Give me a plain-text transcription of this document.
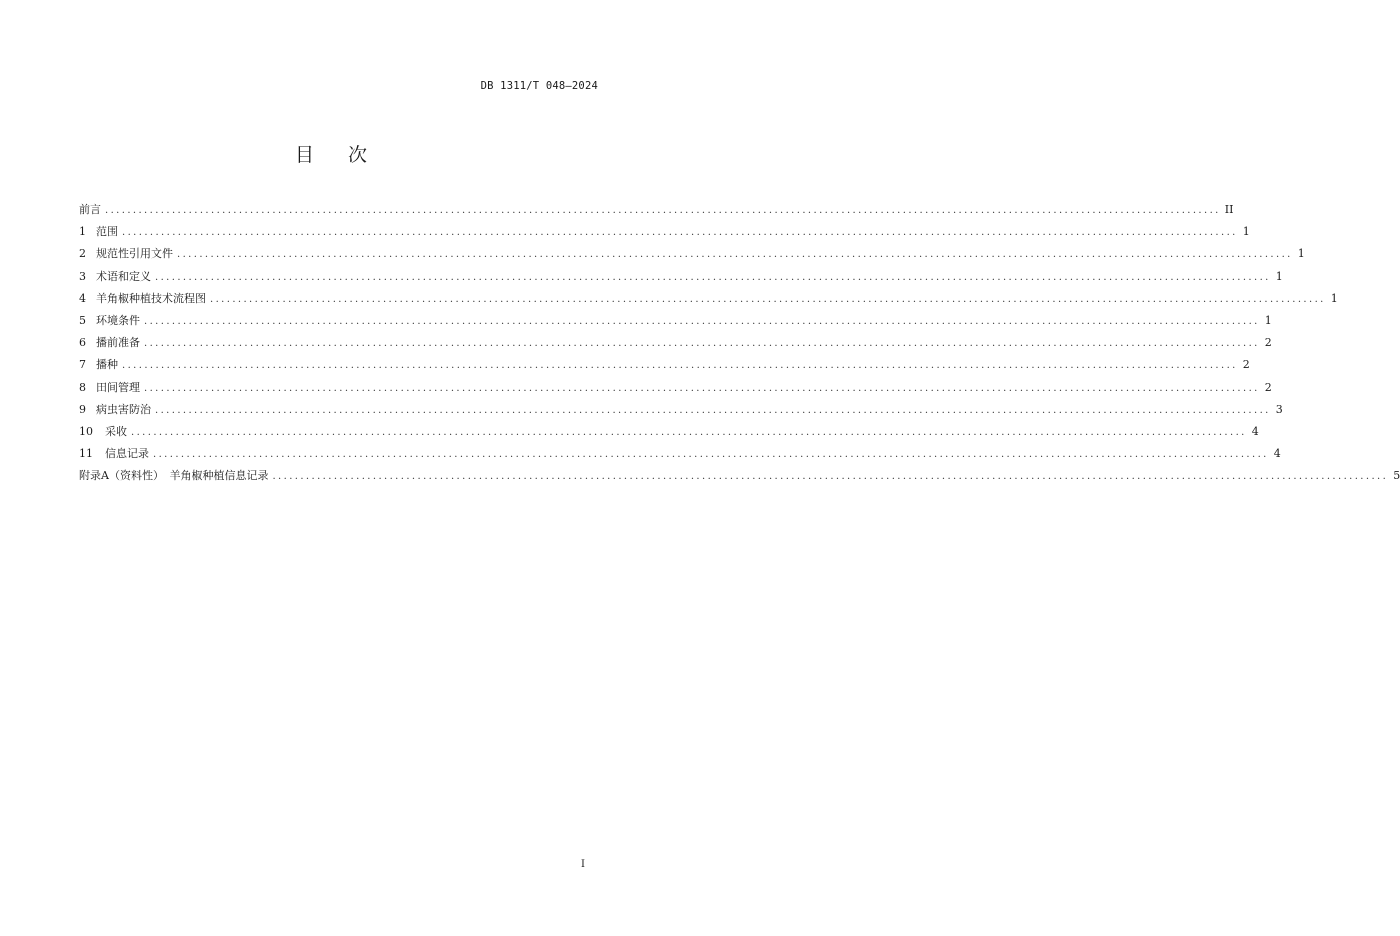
DB 1311/T 048—2024
目次
前言 ........................................................................................................................................................................................................ II
1 范围 ........................................................................................................................................................................................................ 1
2 规范性引用文件 ........................................................................................................................................................................................................ 1
3 术语和定义 ........................................................................................................................................................................................................ 1
4 羊角椒种植技术流程图 ........................................................................................................................................................................................................ 1
5 环境条件 ........................................................................................................................................................................................................ 1
6 播前准备 ........................................................................................................................................................................................................ 2
7 播种 ........................................................................................................................................................................................................ 2
8 田间管理 ........................................................................................................................................................................................................ 2
9 病虫害防治 ........................................................................................................................................................................................................ 3
10 采收 ........................................................................................................................................................................................................ 4
11 信息记录 ........................................................................................................................................................................................................ 4
附录A（资料性）　羊角椒种植信息记录 ........................................................................................................................................................................................................ 5
I
